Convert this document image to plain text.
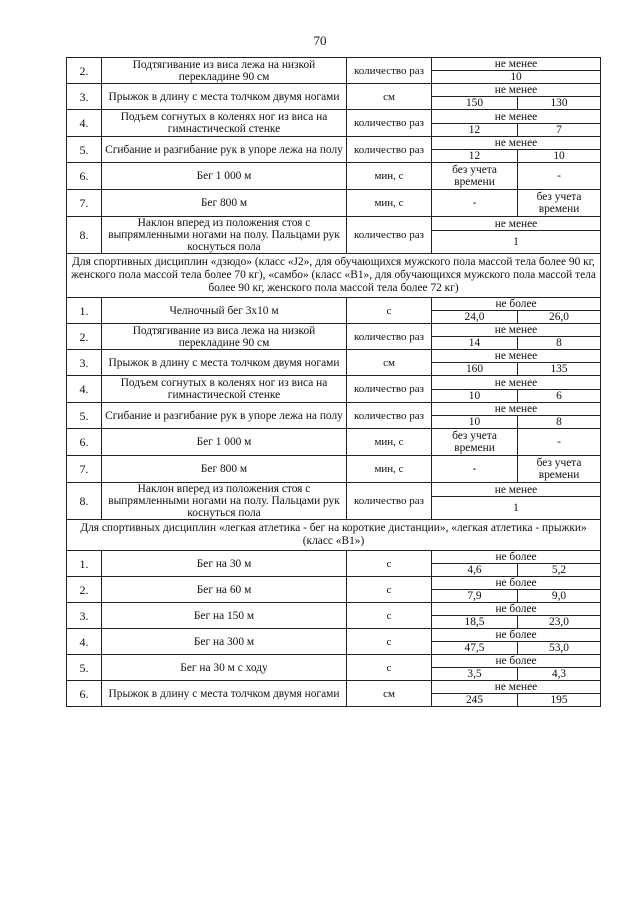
70
2.	Подтягивание из виса лежа на низкой перекладине 90 см	количество раз	не менее	
			10	
3.	Прыжок в длину с места толчком двумя ногами	см	не менее	
			150	130
4.	Подъем согнутых в коленях ног из виса на гимнастической стенке	количество раз	не менее	
			12	7
5.	Сгибание и разгибание рук в упоре лежа на полу	количество раз	не менее	
			12	10
6.	Бег 1 000 м	мин, с	без учета времени	-
7.	Бег 800 м	мин, с	-	без учета времени
8.	Наклон вперед из положения стоя с выпрямленными ногами на полу. Пальцами рук коснуться пола	количество раз	не менее	
			1	
Для спортивных дисциплин «дзюдо» (класс «J2», для обучающихся мужского пола массой тела более 90 кг, женского пола массой тела более 70 кг), «самбо» (класс «В1», для обучающихся мужского пола массой тела более 90 кг, женского пола массой тела более 72 кг)				
1.	Челночный бег 3x10 м	с	не более	
			24,0	26,0
2.	Подтягивание из виса лежа на низкой перекладине 90 см	количество раз	не менее	
			14	8
3.	Прыжок в длину с места толчком двумя ногами	см	не менее	
			160	135
4.	Подъем согнутых в коленях ног из виса на гимнастической стенке	количество раз	не менее	
			10	6
5.	Сгибание и разгибание рук в упоре лежа на полу	количество раз	не менее	
			10	8
6.	Бег 1 000 м	мин, с	без учета времени	-
7.	Бег 800 м	мин, с	-	без учета времени
8.	Наклон вперед из положения стоя с выпрямленными ногами на полу. Пальцами рук коснуться пола	количество раз	не менее	
			1	
Для спортивных дисциплин «легкая атлетика - бег на короткие дистанции», «легкая атлетика - прыжки» (класс «В1»)				
1.	Бег на 30 м	с	не более	
			4,6	5,2
2.	Бег на 60 м	с	не более	
			7,9	9,0
3.	Бег на 150 м	с	не более	
			18,5	23,0
4.	Бег на 300 м	с	не более	
			47,5	53,0
5.	Бег на 30 м с ходу	с	не более	
			3,5	4,3
6.	Прыжок в длину с места толчком двумя ногами	см	не менее	
			245	195
